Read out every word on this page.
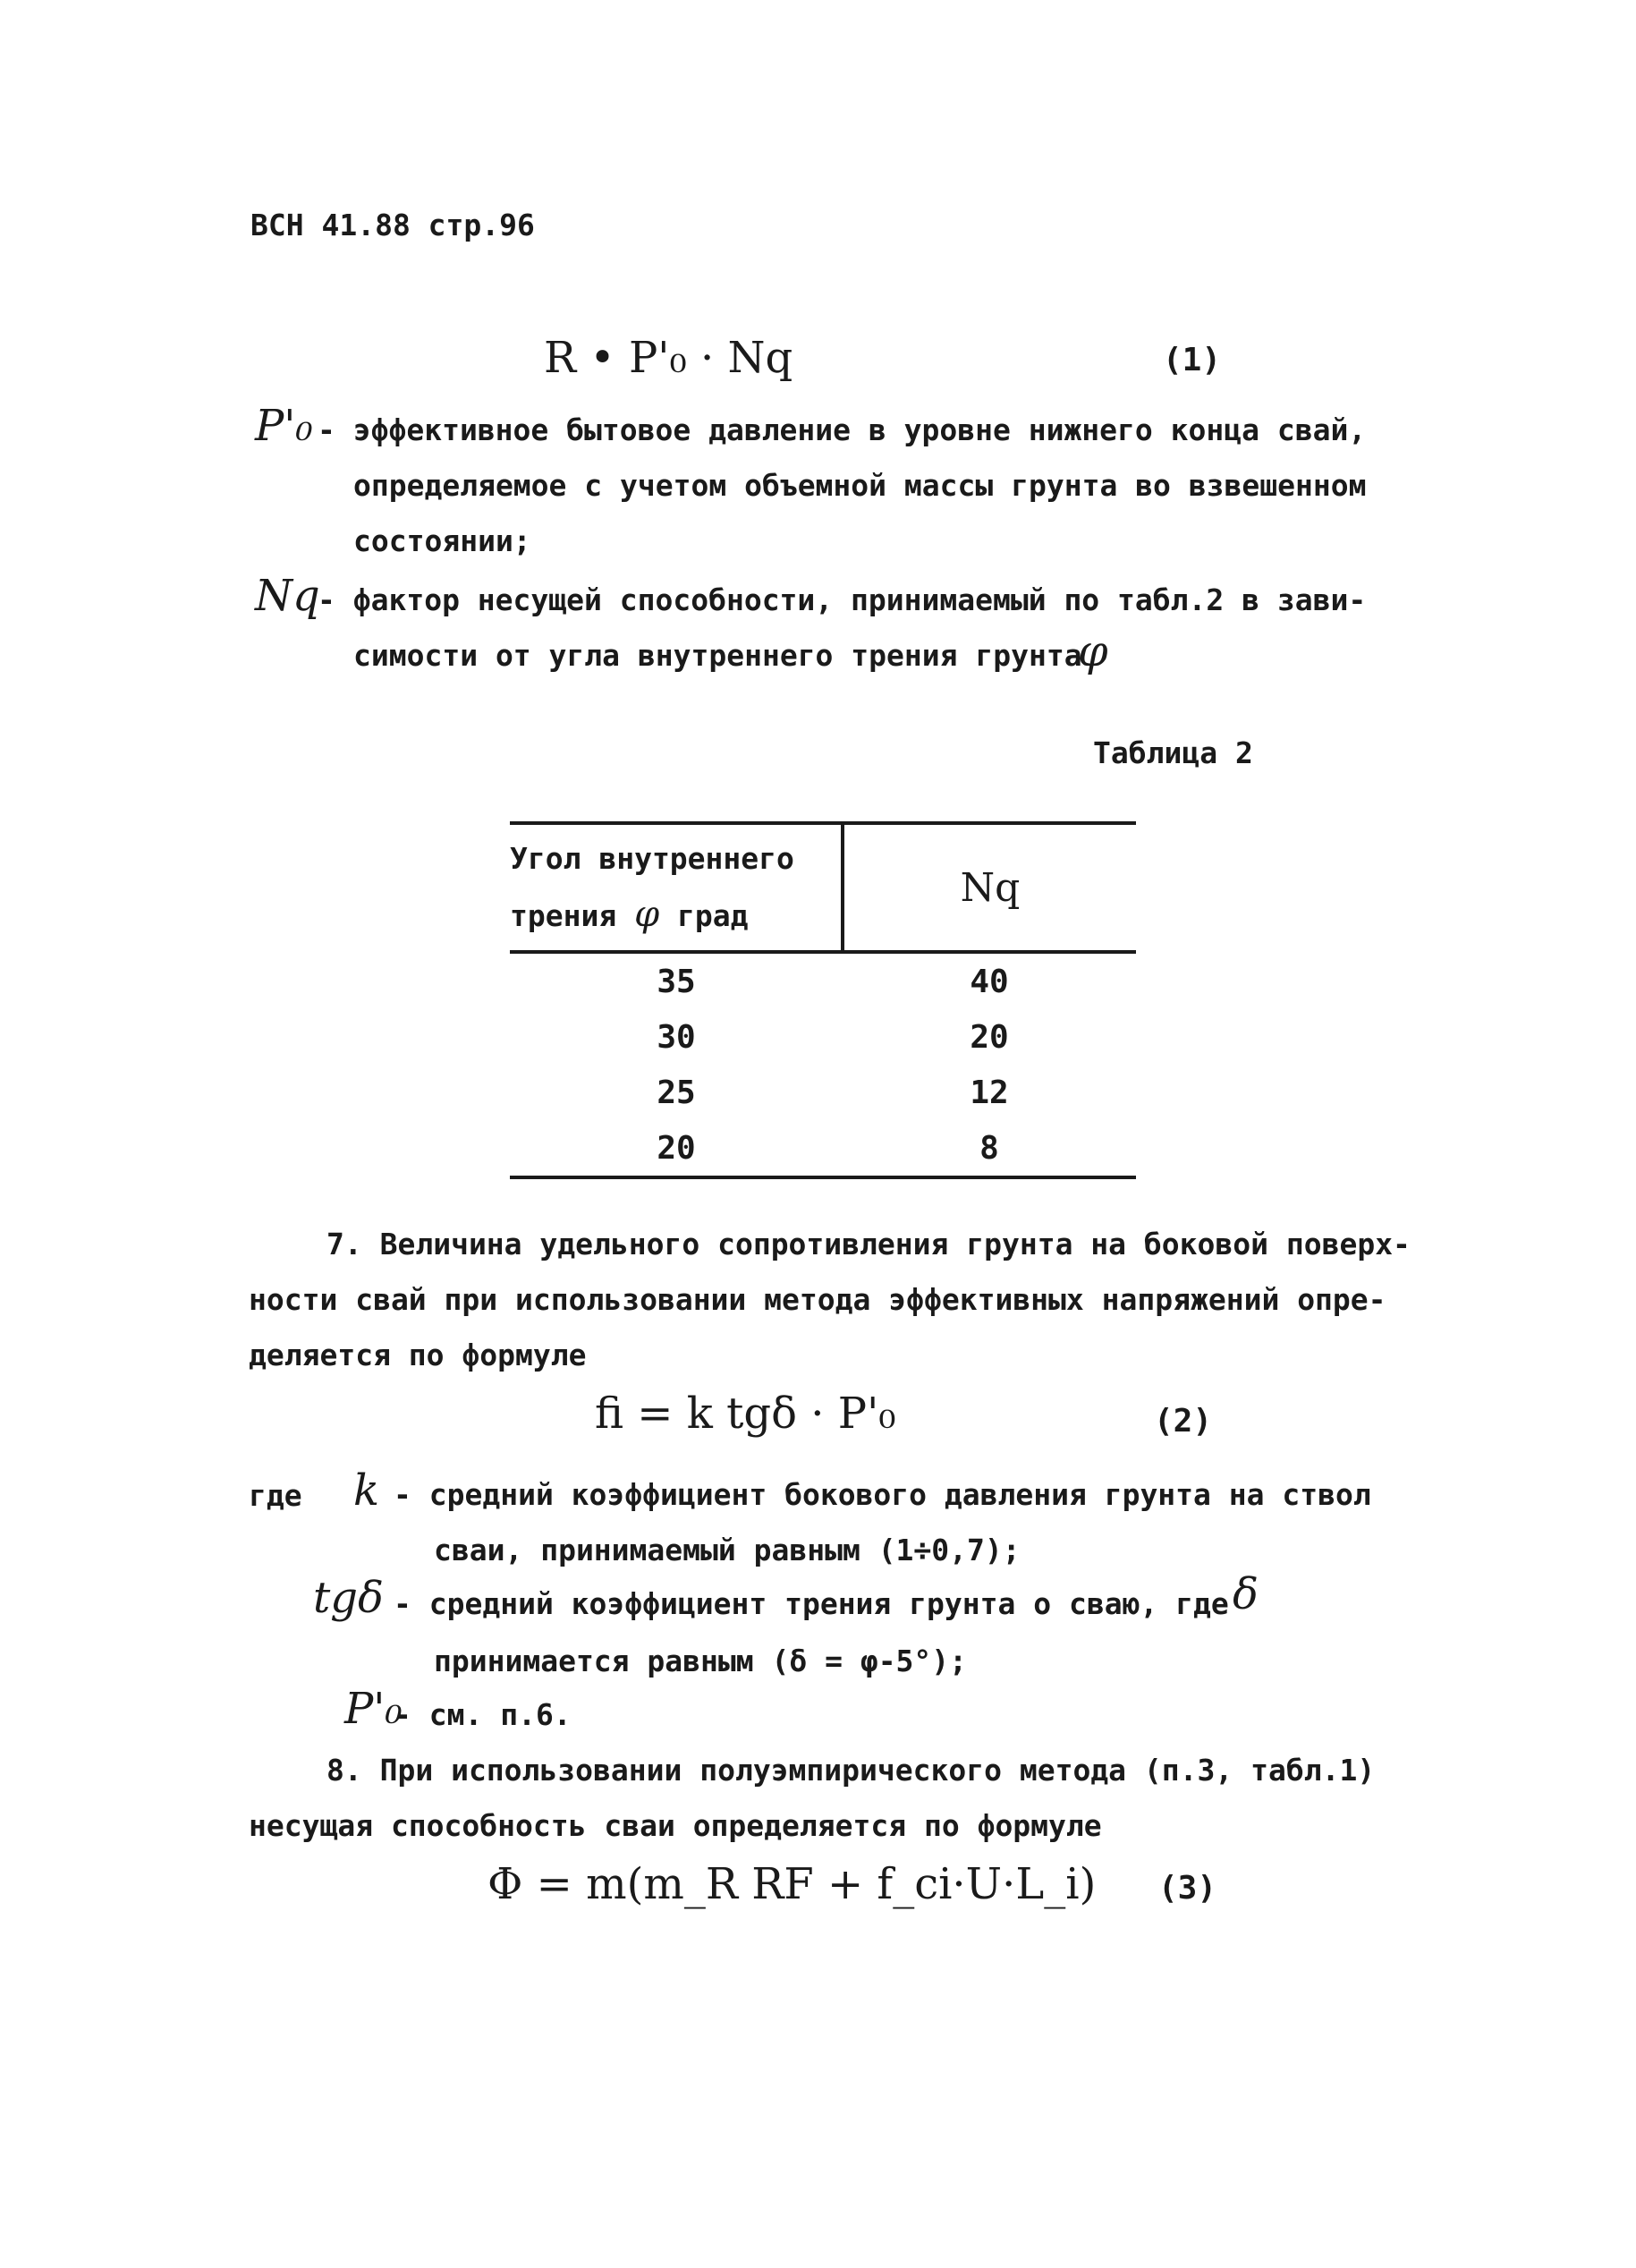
ВСН 41.88 стр.96
R • P'₀ · Nq	(1)
P'₀ - эффективное бытовое давление в уровне нижнего конца свай,
определяемое с учетом объемной массы грунта во взвешенном
состоянии;
Nq
- фактор несущей способности, принимаемый по табл.2 в зави-
симости от угла внутреннего трения грунта
φ
Таблица 2
Угол внутреннего
трения φ град	Nq
35	40
30	20
25	12
20	8
7. Величина удельного сопротивления грунта на боковой поверх-
ности свай при использовании метода эффективных напряжений опре-
деляется по формуле
fi = k tgδ · P'₀	(2)
где k - средний коэффициент бокового давления грунта на ствол
сваи, принимаемый равным (1÷0,7);
tgδ - средний коэффициент трения грунта о сваю, где δ
принимается равным (δ = φ-5°);
P'₀
- см. п.6.
8. При использовании полуэмпирического метода (п.3, табл.1)
несущая способность сваи определяется по формуле
Φ = m(m_R RF + f_ci·U·L_i) (3)
